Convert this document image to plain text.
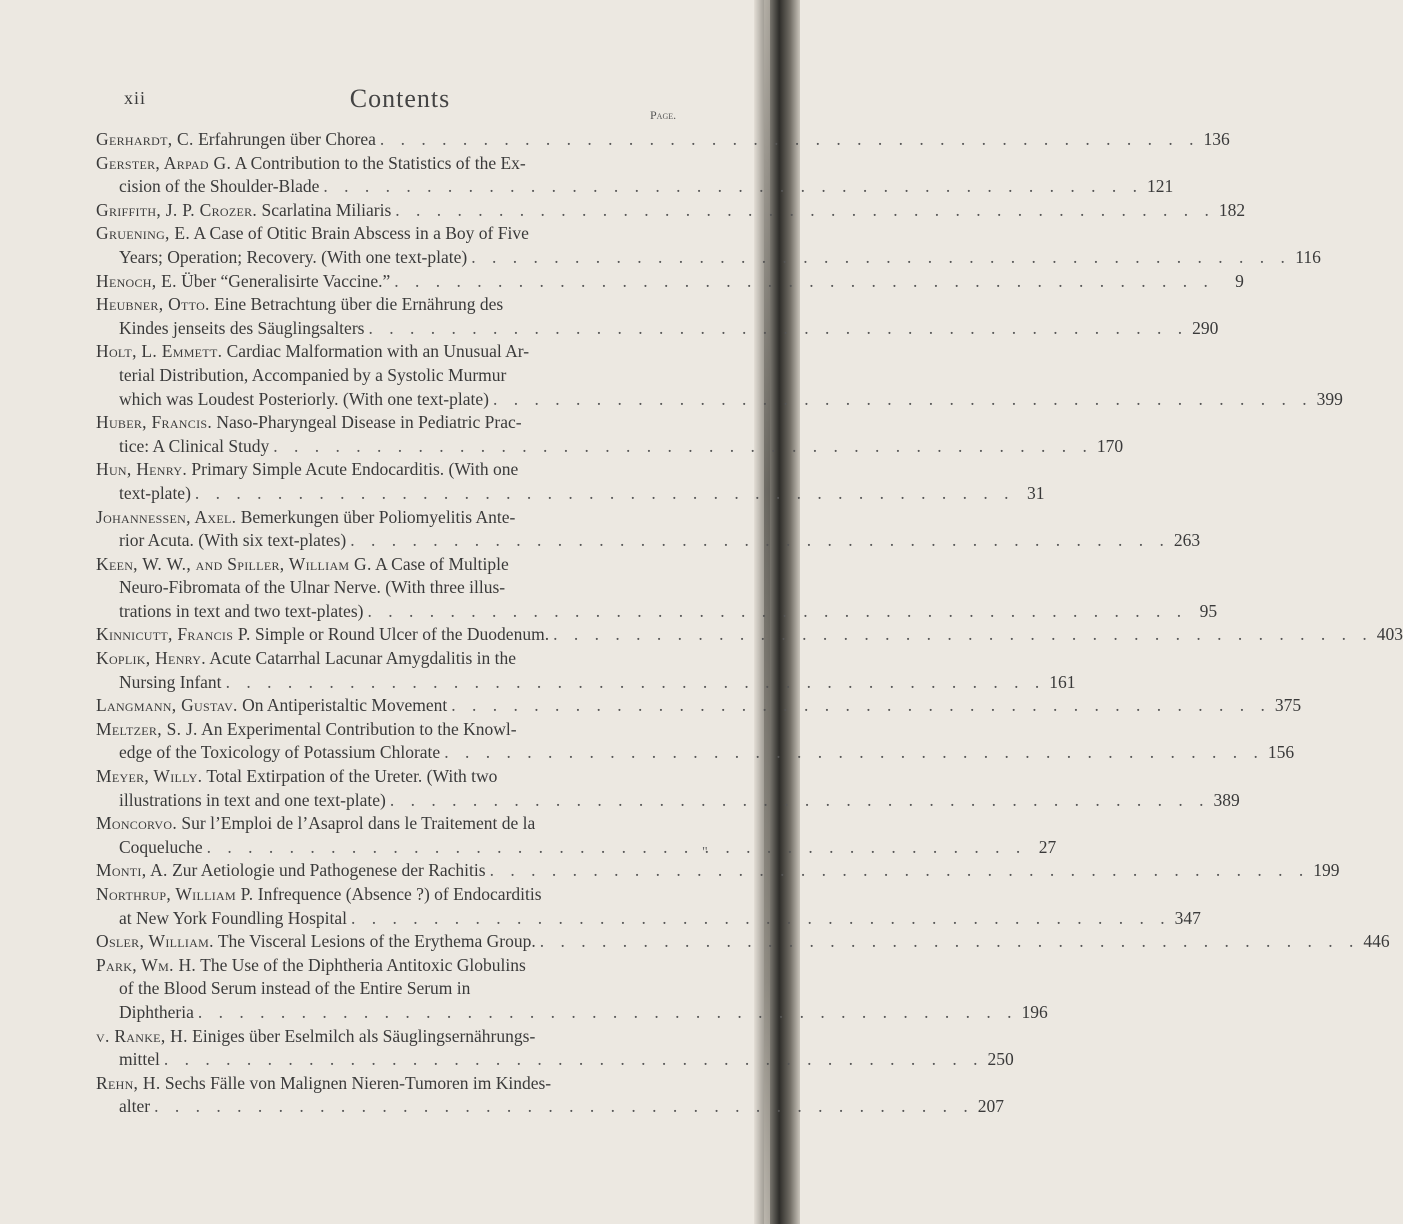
xii	Contents
Page.
Gerhardt, C. Erfahrungen über Chorea . . .	136
Gerster, Arpad G. A Contribution to the Statistics of the Ex-
cision of the Shoulder-Blade . . .	121
Griffith, J. P. Crozer. Scarlatina Miliaris . . .	182
Gruening, E. A Case of Otitic Brain Abscess in a Boy of Five
Years; Operation; Recovery. (With one text-plate) . . .	116
Henoch, E. Über “Generalisirte Vaccine.” . . .	9
Heubner, Otto. Eine Betrachtung über die Ernährung des
Kindes jenseits des Säuglingsalters . . .	290
Holt, L. Emmett. Cardiac Malformation with an Unusual Ar-
terial Distribution, Accompanied by a Systolic Murmur
which was Loudest Posteriorly. (With one text-plate) . . .	399
Huber, Francis. Naso-Pharyngeal Disease in Pediatric Prac-
tice: A Clinical Study . . .	170
Hun, Henry. Primary Simple Acute Endocarditis. (With one
text-plate) . . .	31
Johannessen, Axel. Bemerkungen über Poliomyelitis Ante-
rior Acuta. (With six text-plates) . . .	263
Keen, W. W., and Spiller, William G. A Case of Multiple
Neuro-Fibromata of the Ulnar Nerve. (With three illus-
trations in text and two text-plates) . . .	95
Kinnicutt, Francis P. Simple or Round Ulcer of the Duodenum. . . .	403
Koplik, Henry. Acute Catarrhal Lacunar Amygdalitis in the
Nursing Infant . . .	161
Langmann, Gustav. On Antiperistaltic Movement . . .	375
Meltzer, S. J. An Experimental Contribution to the Knowl-
edge of the Toxicology of Potassium Chlorate . . .	156
Meyer, Willy. Total Extirpation of the Ureter. (With two
illustrations in text and one text-plate) . . .	389
Moncorvo. Sur l’Emploi de l’Asaprol dans le Traitement de la
Coqueluche . . .	27
Monti, A. Zur Aetiologie und Pathogenese der Rachitis . . .	199
Northrup, William P. Infrequence (Absence ?) of Endocarditis
at New York Foundling Hospital . . .	347
Osler, William. The Visceral Lesions of the Erythema Group. . . .	446
Park, Wm. H. The Use of the Diphtheria Antitoxic Globulins
of the Blood Serum instead of the Entire Serum in
Diphtheria . . .	196
v. Ranke, H. Einiges über Eselmilch als Säuglingsernährungs-
mittel . . .	250
Rehn, H. Sechs Fälle von Malignen Nieren-Tumoren im Kindes-
alter . . .	207
"
